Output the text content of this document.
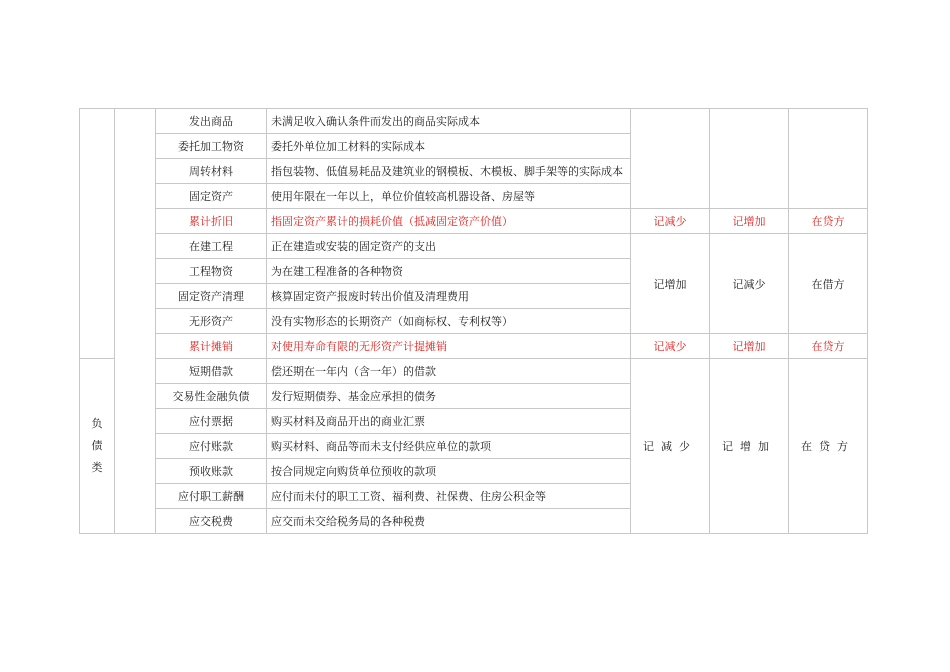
		发出商品	未满足收入确认条件而发出的商品实际成本			
		委托加工物资	委托外单位加工材料的实际成本			
		周转材料	指包装物、低值易耗品及建筑业的钢模板、木模板、脚手架等的实际成本			
		固定资产	使用年限在一年以上，单位价值较高机器设备、房屋等			
		累计折旧	指固定资产累计的损耗价值（抵减固定资产价值）	记减少	记增加	在贷方
		在建工程	正在建造或安装的固定资产的支出	记增加	记减少	在借方
		工程物资	为在建工程准备的各种物资			
		固定资产清理	核算固定资产报废时转出价值及清理费用			
		无形资产	没有实物形态的长期资产（如商标权、专利权等）			
		累计摊销	对使用寿命有限的无形资产计提摊销	记减少	记增加	在贷方

负
债
类		短期借款	偿还期在一年内（含一年）的借款	记减少	记增加	在贷方
		交易性金融负债	发行短期债券、基金应承担的债务			
		应付票据	购买材料及商品开出的商业汇票			
		应付账款	购买材料、商品等而未支付经供应单位的款项			
		预收账款	按合同规定向购货单位预收的款项			
		应付职工薪酬	应付而未付的职工工资、福利费、社保费、住房公积金等			
		应交税费	应交而未交给税务局的各种税费			
